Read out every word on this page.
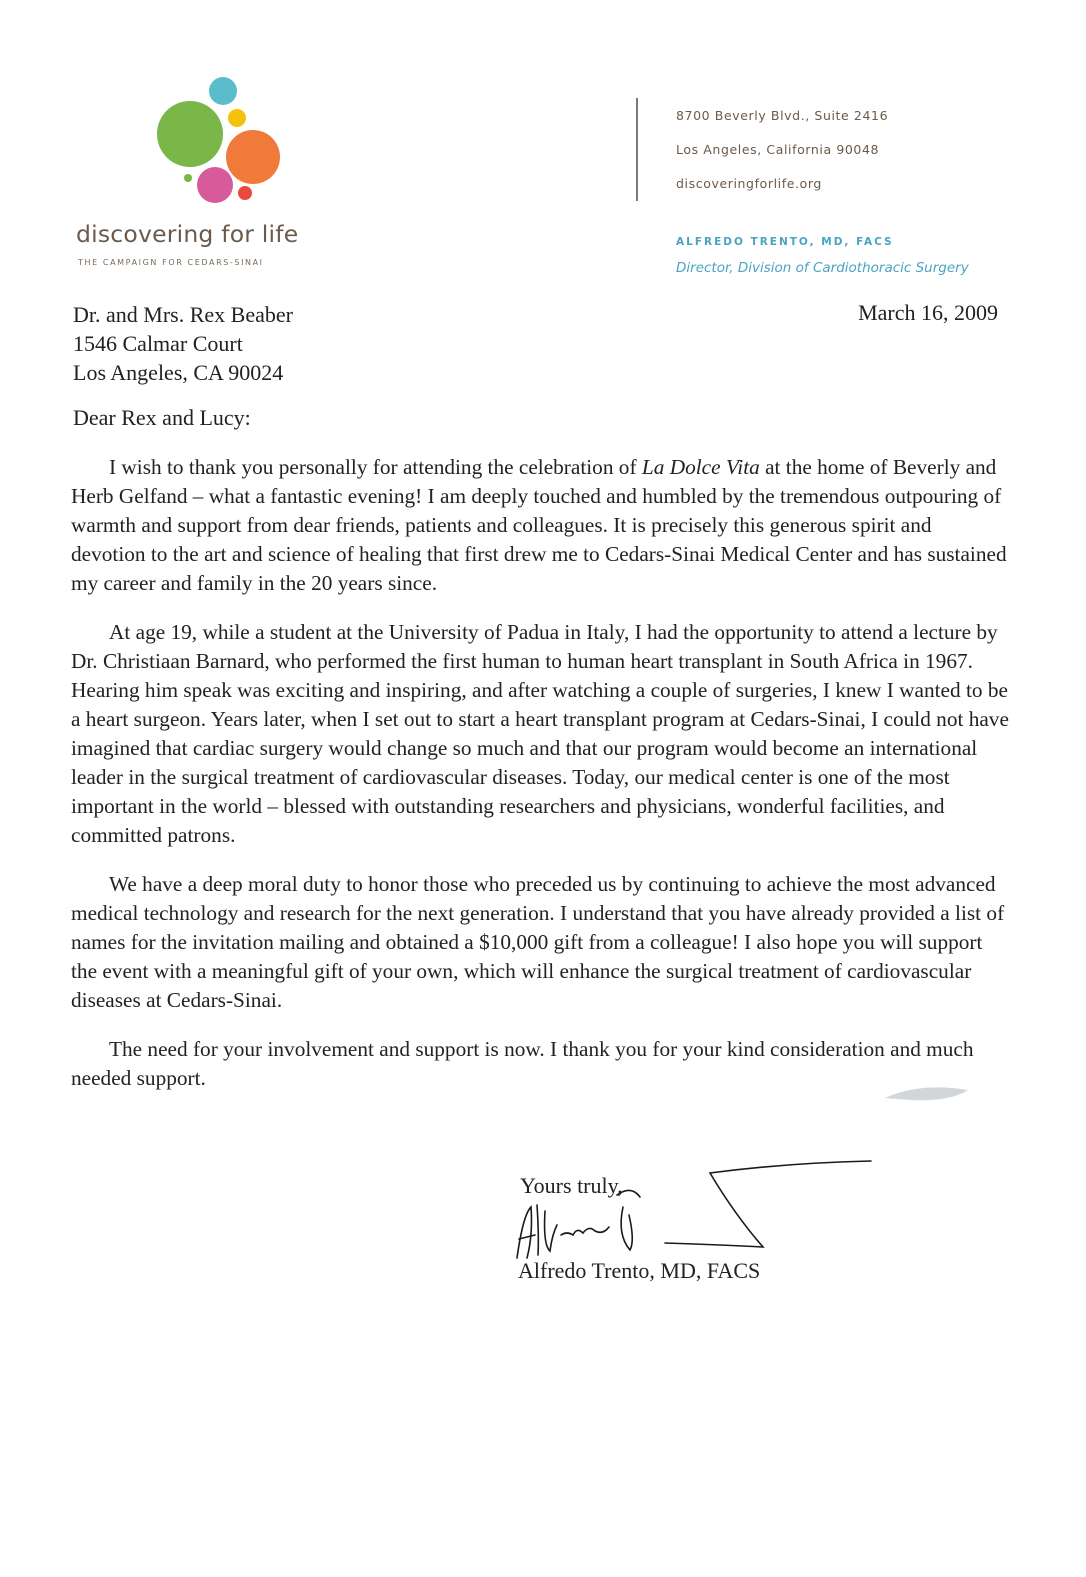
discovering for life
THE CAMPAIGN FOR CEDARS-SINAI
8700 Beverly Blvd., Suite 2416
Los Angeles, California 90048
discoveringforlife.org
ALFREDO TRENTO, MD, FACS
Director, Division of Cardiothoracic Surgery
March 16, 2009
Dr. and Mrs. Rex Beaber
1546 Calmar Court
Los Angeles, CA 90024
Dear Rex and Lucy:

I wish to thank you personally for attending the celebration of La Dolce Vita at the home of Beverly and Herb Gelfand – what a fantastic evening! I am deeply touched and humbled by the tremendous outpouring of warmth and support from dear friends, patients and colleagues. It is precisely this generous spirit and devotion to the art and science of healing that first drew me to Cedars-Sinai Medical Center and has sustained my career and family in the 20 years since.

At age 19, while a student at the University of Padua in Italy, I had the opportunity to attend a lecture by Dr. Christiaan Barnard, who performed the first human to human heart transplant in South Africa in 1967. Hearing him speak was exciting and inspiring, and after watching a couple of surgeries, I knew I wanted to be a heart surgeon. Years later, when I set out to start a heart transplant program at Cedars-Sinai, I could not have imagined that cardiac surgery would change so much and that our program would become an international leader in the surgical treatment of cardiovascular diseases. Today, our medical center is one of the most important in the world – blessed with outstanding researchers and physicians, wonderful facilities, and committed patrons.

We have a deep moral duty to honor those who preceded us by continuing to achieve the most advanced medical technology and research for the next generation. I understand that you have already provided a list of names for the invitation mailing and obtained a $10,000 gift from a colleague! I also hope you will support the event with a meaningful gift of your own, which will enhance the surgical treatment of cardiovascular diseases at Cedars-Sinai.

The need for your involvement and support is now. I thank you for your kind consideration and much needed support.

Yours truly,
Alfredo Trento, MD, FACS
